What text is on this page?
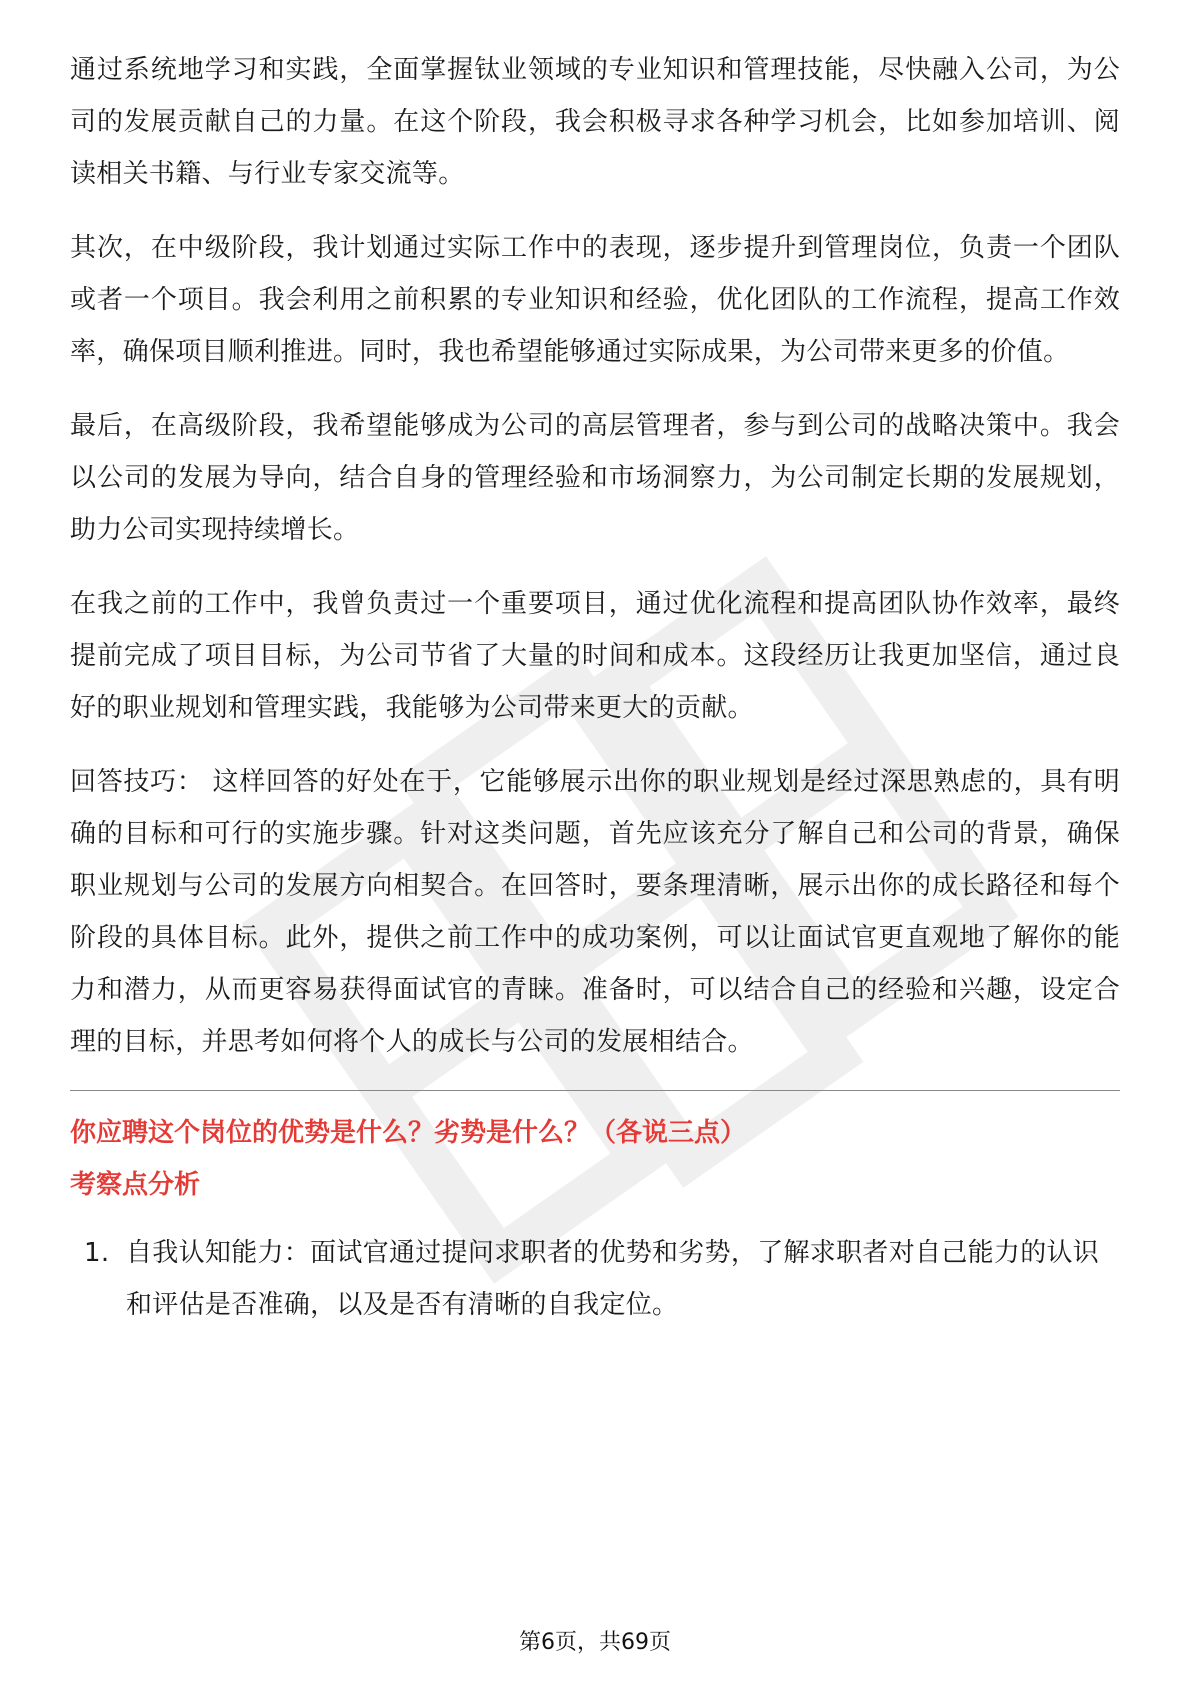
通过系统地学习和实践，全面掌握钛业领域的专业知识和管理技能，尽快融入公司，为公司的发展贡献自己的力量。在这个阶段，我会积极寻求各种学习机会，比如参加培训、阅读相关书籍、与行业专家交流等。

其次，在中级阶段，我计划通过实际工作中的表现，逐步提升到管理岗位，负责一个团队或者一个项目。我会利用之前积累的专业知识和经验，优化团队的工作流程，提高工作效率，确保项目顺利推进。同时，我也希望能够通过实际成果，为公司带来更多的价值。

最后，在高级阶段，我希望能够成为公司的高层管理者，参与到公司的战略决策中。我会以公司的发展为导向，结合自身的管理经验和市场洞察力，为公司制定长期的发展规划，助力公司实现持续增长。

在我之前的工作中，我曾负责过一个重要项目，通过优化流程和提高团队协作效率，最终提前完成了项目目标，为公司节省了大量的时间和成本。这段经历让我更加坚信，通过良好的职业规划和管理实践，我能够为公司带来更大的贡献。

回答技巧： 这样回答的好处在于，它能够展示出你的职业规划是经过深思熟虑的，具有明确的目标和可行的实施步骤。针对这类问题，首先应该充分了解自己和公司的背景，确保职业规划与公司的发展方向相契合。在回答时，要条理清晰，展示出你的成长路径和每个阶段的具体目标。此外，提供之前工作中的成功案例，可以让面试官更直观地了解你的能力和潜力，从而更容易获得面试官的青睐。准备时，可以结合自己的经验和兴趣，设定合理的目标，并思考如何将个人的成长与公司的发展相结合。

你应聘这个岗位的优势是什么？劣势是什么？（各说三点）
考察点分析
1. 自我认知能力：面试官通过提问求职者的优势和劣势，了解求职者对自己能力的认识和评估是否准确，以及是否有清晰的自我定位。
第6页，共69页
